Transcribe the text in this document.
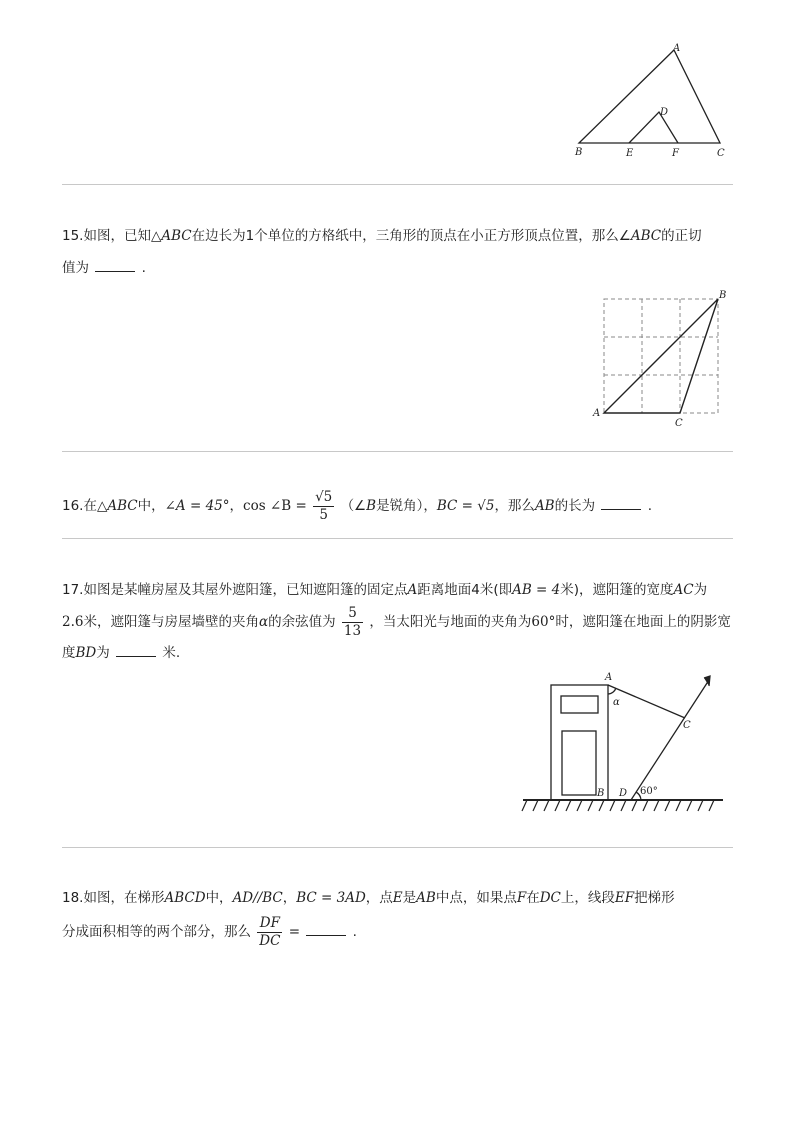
A
D
B	E	F	C
15.如图，已知△ABC在边长为1个单位的方格纸中，三角形的顶点在小正方形顶点位置，那么∠ABC的正切
值为	.
B
A
C
16.在△ABC中，∠A = 45°，cos ∠B = $\frac{√5}{5}$ （∠B是锐角），BC = √5，那么AB的长为	.
17.如图是某幢房屋及其屋外遮阳篷，已知遮阳篷的固定点A距离地面4米(即AB = 4米)，遮阳篷的宽度AC为
2.6米，遮阳篷与房屋墙壁的夹角α的余弦值为 $\frac{5}{13}$ ，当太阳光与地面的夹角为60°时，遮阳篷在地面上的阴影宽
度BD为	米.
A
α
C
B D 60°
18.如图，在梯形ABCD中，AD//BC，BC = 3AD，点E是AB中点，如果点F在DC上，线段EF把梯形
分成面积相等的两个部分，那么 $\frac{DF}{DC}$ =	.
